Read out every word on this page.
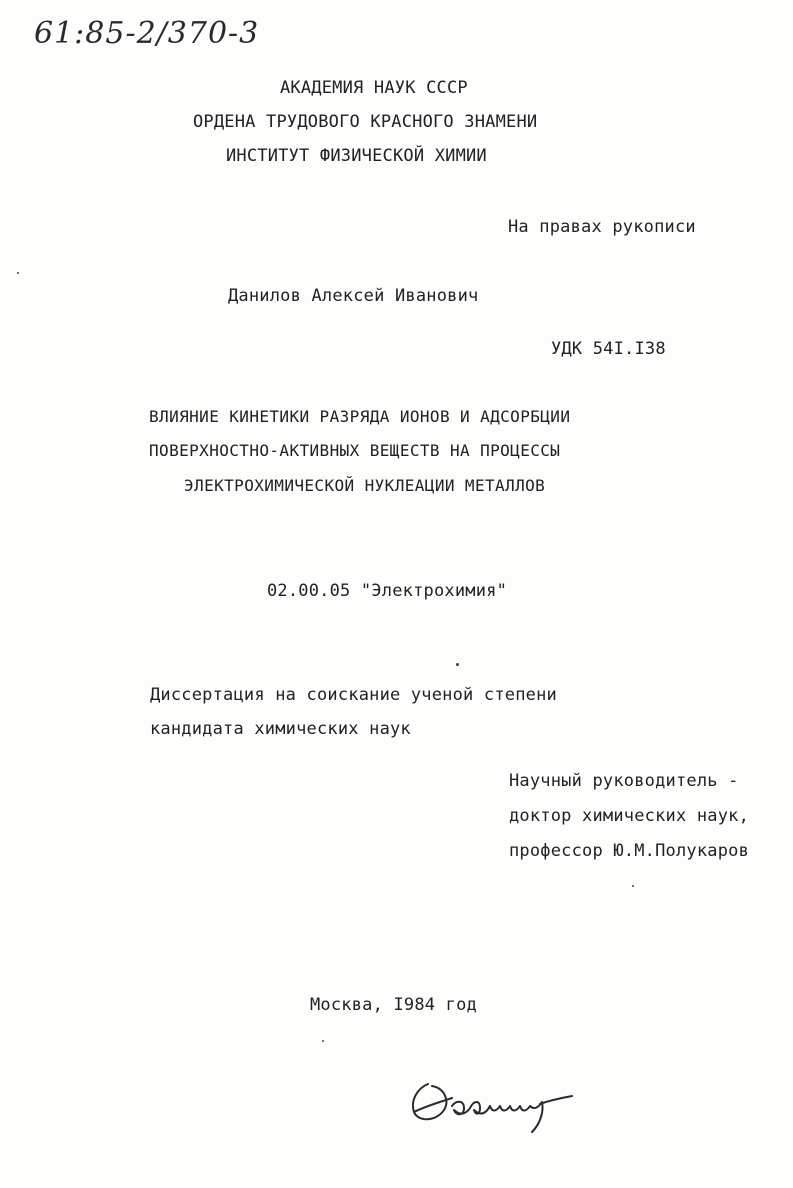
61:85-2/370-3
АКАДЕМИЯ НАУК СССР
ОРДЕНА ТРУДОВОГО КРАСНОГО ЗНАМЕНИ
ИНСТИТУТ ФИЗИЧЕСКОЙ ХИМИИ
На правах рукописи
Данилов Алексей Иванович
УДК 54I.I38
ВЛИЯНИЕ КИНЕТИКИ РАЗРЯДА ИОНОВ И АДСОРБЦИИ
ПОВЕРХНОСТНО-АКТИВНЫХ ВЕЩЕСТВ НА ПРОЦЕССЫ
ЭЛЕКТРОХИМИЧЕСКОЙ НУКЛЕАЦИИ МЕТАЛЛОВ
02.00.05 "Электрохимия"
Диссертация на соискание ученой степени
кандидата химических наук
Научный руководитель -
доктор химических наук,
профессор Ю.М.Полукаров
Москва, I984 год
